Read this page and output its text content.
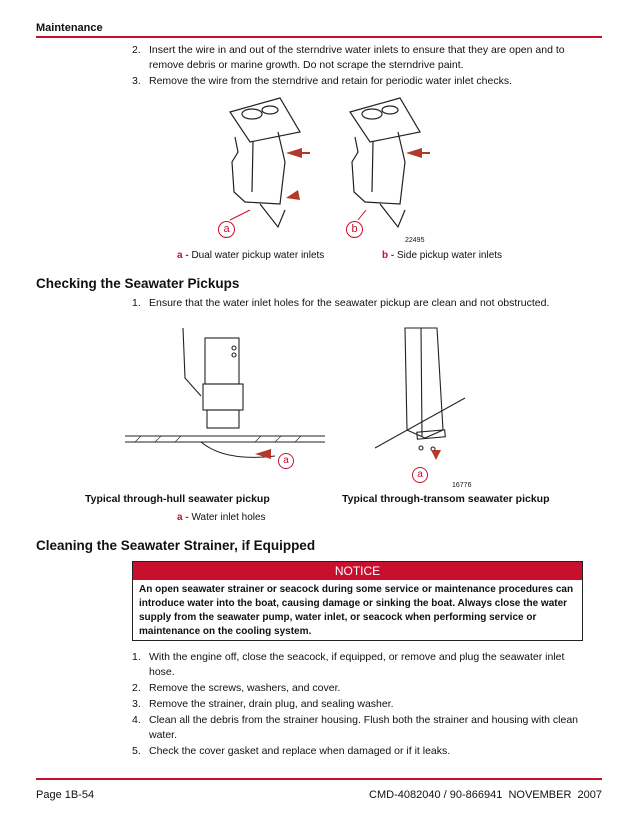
Maintenance
2. Insert the wire in and out of the sterndrive water inlets to ensure that they are open and to remove debris or marine growth. Do not scrape the sterndrive paint.
3. Remove the wire from the sterndrive and retain for periodic water inlet checks.
a	b
22495
a - Dual water pickup water inlets	b - Side pickup water inlets
Checking the Seawater Pickups
1. Ensure that the water inlet holes for the seawater pickup are clean and not obstructed.
a
a
16776
Typical through-hull seawater pickup	Typical through-transom seawater pickup
a - Water inlet holes
Cleaning the Seawater Strainer, if Equipped
NOTICE
An open seawater strainer or seacock during some service or maintenance procedures can introduce water into the boat, causing damage or sinking the boat. Always close the water supply from the seawater pump, water inlet, or seacock when performing service or maintenance on the cooling system.
1. With the engine off, close the seacock, if equipped, or remove and plug the seawater inlet hose.
2. Remove the screws, washers, and cover.
3. Remove the strainer, drain plug, and sealing washer.
4. Clean all the debris from the strainer housing. Flush both the strainer and housing with clean water.
5. Check the cover gasket and replace when damaged or if it leaks.
Page 1B-54	CMD-4082040 / 90-866941  NOVEMBER  2007
